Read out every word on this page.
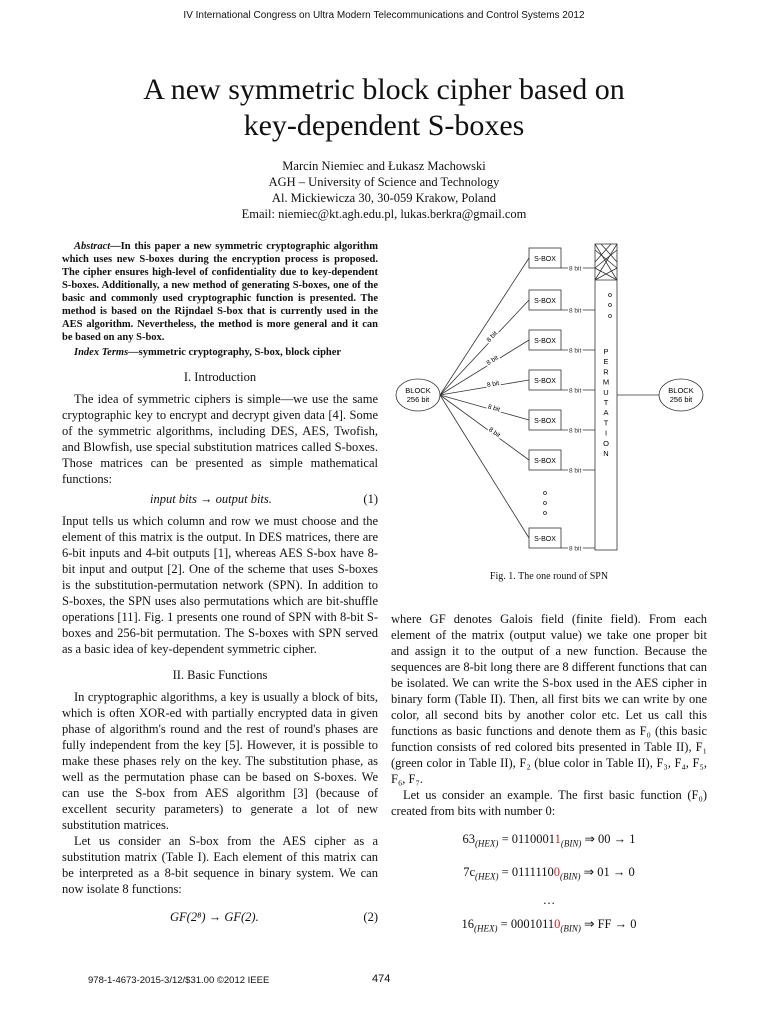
IV International Congress on Ultra Modern Telecommunications and Control Systems 2012
A new symmetric block cipher based on
key-dependent S-boxes
Marcin Niemiec and Łukasz Machowski
AGH – University of Science and Technology
Al. Mickiewicza 30, 30-059 Krakow, Poland
Email: niemiec@kt.agh.edu.pl, lukas.berkra@gmail.com

Abstract—In this paper a new symmetric cryptographic algorithm which uses new S-boxes during the encryption process is proposed. The cipher ensures high-level of confidentiality due to key-dependent S-boxes. Additionally, a new method of generating S-boxes, one of the basic and commonly used cryptographic function is presented. The method is based on the Rijndael S-box that is currently used in the AES algorithm. Nevertheless, the method is more general and it can be based on any S-box.

Index Terms—symmetric cryptography, S-box, block cipher

I. Introduction

The idea of symmetric ciphers is simple—we use the same cryptographic key to encrypt and decrypt given data [4]. Some of the symmetric algorithms, including DES, AES, Twofish, and Blowfish, use special substitution matrices called S-boxes. Those matrices can be presented as simple mathematical functions:

input bits → output bits.	(1)

Input tells us which column and row we must choose and the element of this matrix is the output. In DES matrices, there are 6-bit inputs and 4-bit outputs [1], whereas AES S-box have 8-bit input and output [2]. One of the scheme that uses S-boxes is the substitution-permutation network (SPN). In addition to S-boxes, the SPN uses also permutations which are bit-shuffle operations [11]. Fig. 1 presents one round of SPN with 8-bit S-boxes and 256-bit permutation. The S-boxes with SPN served as a basic idea of key-dependent symmetric cipher.

II. Basic Functions

In cryptographic algorithms, a key is usually a block of bits, which is often XOR-ed with partially encrypted data in given phase of algorithm's round and the rest of round's phases are fully independent from the key [5]. However, it is possible to make these phases rely on the key. The substitution phase, as well as the permutation phase can be based on S-boxes. We can use the S-box from AES algorithm [3] (because of excellent security parameters) to generate a lot of new substitution matrices.

Let us consider an S-box from the AES cipher as a substitution matrix (Table I). Each element of this matrix can be interpreted as a 8-bit sequence in binary system. We can now isolate 8 functions:

GF(2⁸) → GF(2).	(2)
S-BOX
8 bit
S-BOX
8 bit
8 bit	S-BOX
8 bit
8 bit
S-BOX
8 bit
8 bit
S-BOX
8 bit
8 bit
S-BOX
8 bit
8 bit
S-BOX
8 bit
BLOCK
256 bit
BLOCK
256 bit
P
E
R
M
U
T
A
T
I
O
N
Fig. 1. The one round of SPN

where GF denotes Galois field (finite field). From each element of the matrix (output value) we take one proper bit and assign it to the output of a new function. Because the sequences are 8-bit long there are 8 different functions that can be isolated. We can write the S-box used in the AES cipher in binary form (Table II). Then, all first bits we can write by one color, all second bits by another color etc. Let us call this functions as basic functions and denote them as F₀ (this basic function consists of red colored bits presented in Table II), F₁ (green color in Table II), F₂ (blue color in Table II), F₃, F₄, F₅, F₆, F₇.

Let us consider an example. The first basic function (F₀) created from bits with number 0:

$63_{(HEX)} = 01100011_{(BIN)}$ ⇒ 00 → 1
$7c_{(HEX)} = 01111100_{(BIN)}$ ⇒ 01 → 0
…
$16_{(HEX)} = 00010110_{(BIN)}$ ⇒ FF → 0
978-1-4673-2015-3/12/$31.00 ©2012 IEEE	474
